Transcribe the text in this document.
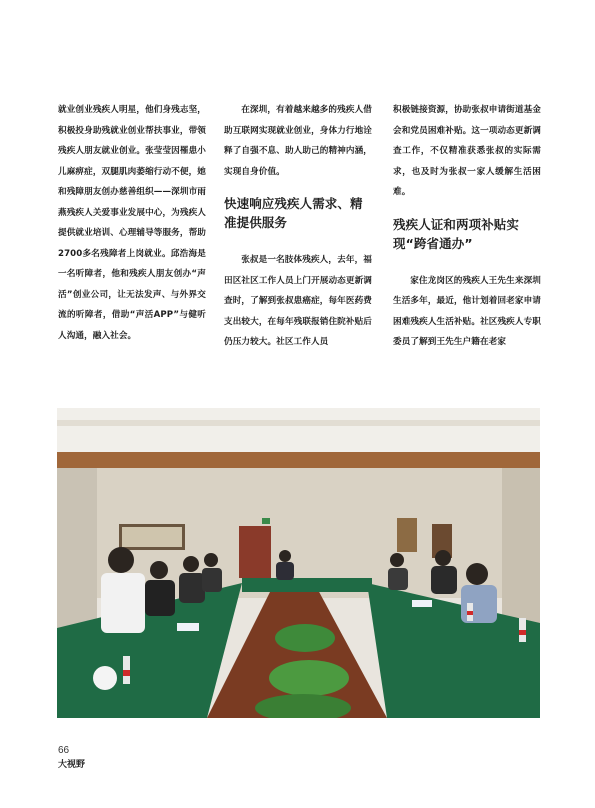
就业创业残疾人明星，他们身残志坚，积极投身助残就业创业帮扶事业，带领残疾人朋友就业创业。张莹莹因罹患小儿麻痹症，双腿肌肉萎缩行动不便，她和残障朋友创办慈善组织——深圳市雨燕残疾人关爱事业发展中心，为残疾人提供就业培训、心理辅导等服务，帮助2700多名残障者上岗就业。邱浩海是一名听障者，他和残疾人朋友创办“声活”创业公司，让无法发声、与外界交流的听障者，借助“声活APP”与健听人沟通，融入社会。

在深圳，有着越来越多的残疾人借助互联网实现就业创业，身体力行地诠释了自强不息、助人助己的精神内涵，实现自身价值。

快速响应残疾人需求、精准提供服务

张叔是一名肢体残疾人，去年，福田区社区工作人员上门开展动态更新调查时，了解到张叔患癌症，每年医药费支出较大，在每年残联报销住院补贴后仍压力较大。社区工作人员

积极链接资源，协助张叔申请街道基金会和党员困难补贴。这一项动态更新调查工作，不仅精准获悉张叔的实际需求，也及时为张叔一家人缓解生活困难。

残疾人证和两项补贴实现“跨省通办”

家住龙岗区的残疾人王先生来深圳生活多年，最近，他计划着回老家申请困难残疾人生活补贴。社区残疾人专职委员了解到王先生户籍在老家

66
大视野
